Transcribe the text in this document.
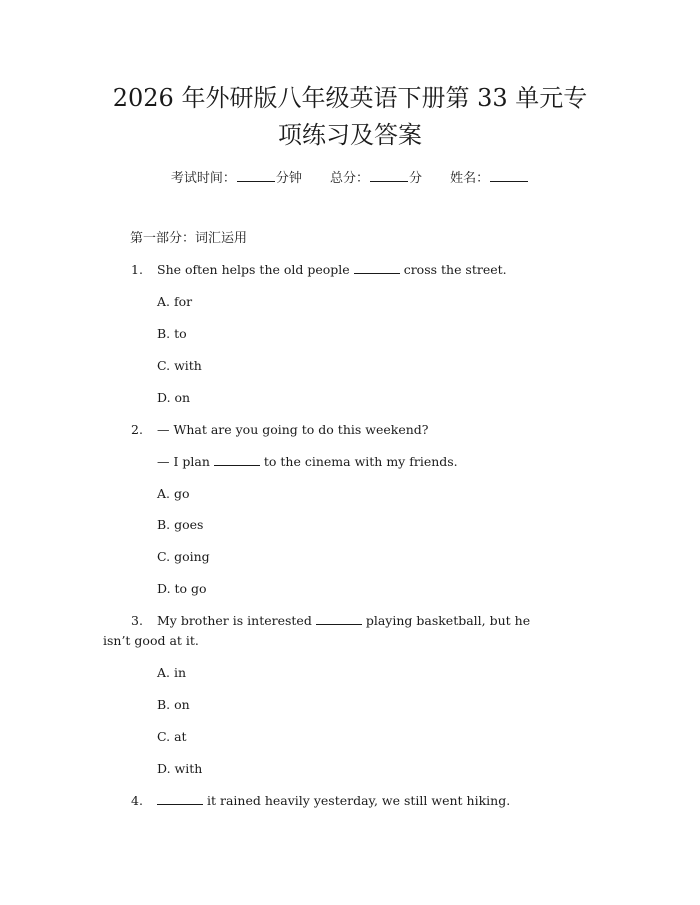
2026 年外研版八年级英语下册第 33 单元专
项练习及答案
考试时间：	分钟 总分：	分 姓名：
第一部分：词汇运用
1.	She often helps the old people	cross the street.
A. for
B. to
C. with
D. on
2.	— What are you going to do this weekend?
— I plan	to the cinema with my friends.
A. go
B. goes
C. going
D. to go
3.	My brother is interested	playing basketball, but he
isn’t good at it.
A. in
B. on
C. at
D. with
4.	it rained heavily yesterday, we still went hiking.
